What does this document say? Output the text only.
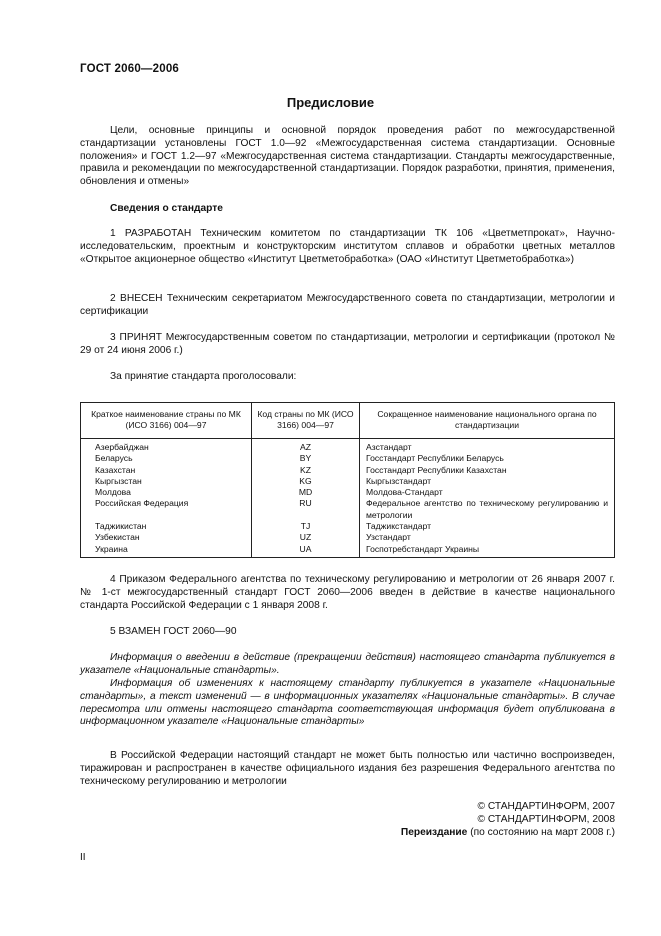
ГОСТ 2060—2006
Предисловие
Цели, основные принципы и основной порядок проведения работ по межгосударственной стандартизации установлены ГОСТ 1.0—92 «Межгосударственная система стандартизации. Основные положения» и ГОСТ 1.2—97 «Межгосударственная система стандартизации. Стандарты межгосударственные, правила и рекомендации по межгосударственной стандартизации. Порядок разработки, принятия, применения, обновления и отмены»
Сведения о стандарте
1 РАЗРАБОТАН Техническим комитетом по стандартизации ТК 106 «Цветметпрокат», Научно-исследовательским, проектным и конструкторским институтом сплавов и обработки цветных металлов «Открытое акционерное общество «Институт Цветметобработка» (ОАО «Институт Цветметобработка»)
2 ВНЕСЕН Техническим секретариатом Межгосударственного совета по стандартизации, метрологии и сертификации
3 ПРИНЯТ Межгосударственным советом по стандартизации, метрологии и сертификации (протокол № 29 от 24 июня 2006 г.)
За принятие стандарта проголосовали:
Краткое наименование страны по МК (ИСО 3166) 004—97	Код страны по МК (ИСО 3166) 004—97	Сокращенное наименование национального органа по стандартизации
Азербайджан	AZ	Азстандарт
Беларусь	BY	Госстандарт Республики Беларусь
Казахстан	KZ	Госстандарт Республики Казахстан
Кыргызстан	KG	Кыргызстандарт
Молдова	MD	Молдова-Стандарт
Российская Федерация	RU	Федеральное агентство по техническому регулированию и метрологии
Таджикистан	TJ	Таджикстандарт
Узбекистан	UZ	Узстандарт
Украина	UA	Госпотребстандарт Украины
4 Приказом Федерального агентства по техническому регулированию и метрологии от 26 января 2007 г. № 1-ст межгосударственный стандарт ГОСТ 2060—2006 введен в действие в качестве национального стандарта Российской Федерации с 1 января 2008 г.
5 ВЗАМЕН ГОСТ 2060—90
Информация о введении в действие (прекращении действия) настоящего стандарта публикуется в указателе «Национальные стандарты».
Информация об изменениях к настоящему стандарту публикуется в указателе «Национальные стандарты», а текст изменений — в информационных указателях «Национальные стандарты». В случае пересмотра или отмены настоящего стандарта соответствующая информация будет опубликована в информационном указателе «Национальные стандарты»
В Российской Федерации настоящий стандарт не может быть полностью или частично воспроизведен, тиражирован и распространен в качестве официального издания без разрешения Федерального агентства по техническому регулированию и метрологии
© СТАНДАРТИНФОРМ, 2007
© СТАНДАРТИНФОРМ, 2008
Переиздание (по состоянию на март 2008 г.)
II
